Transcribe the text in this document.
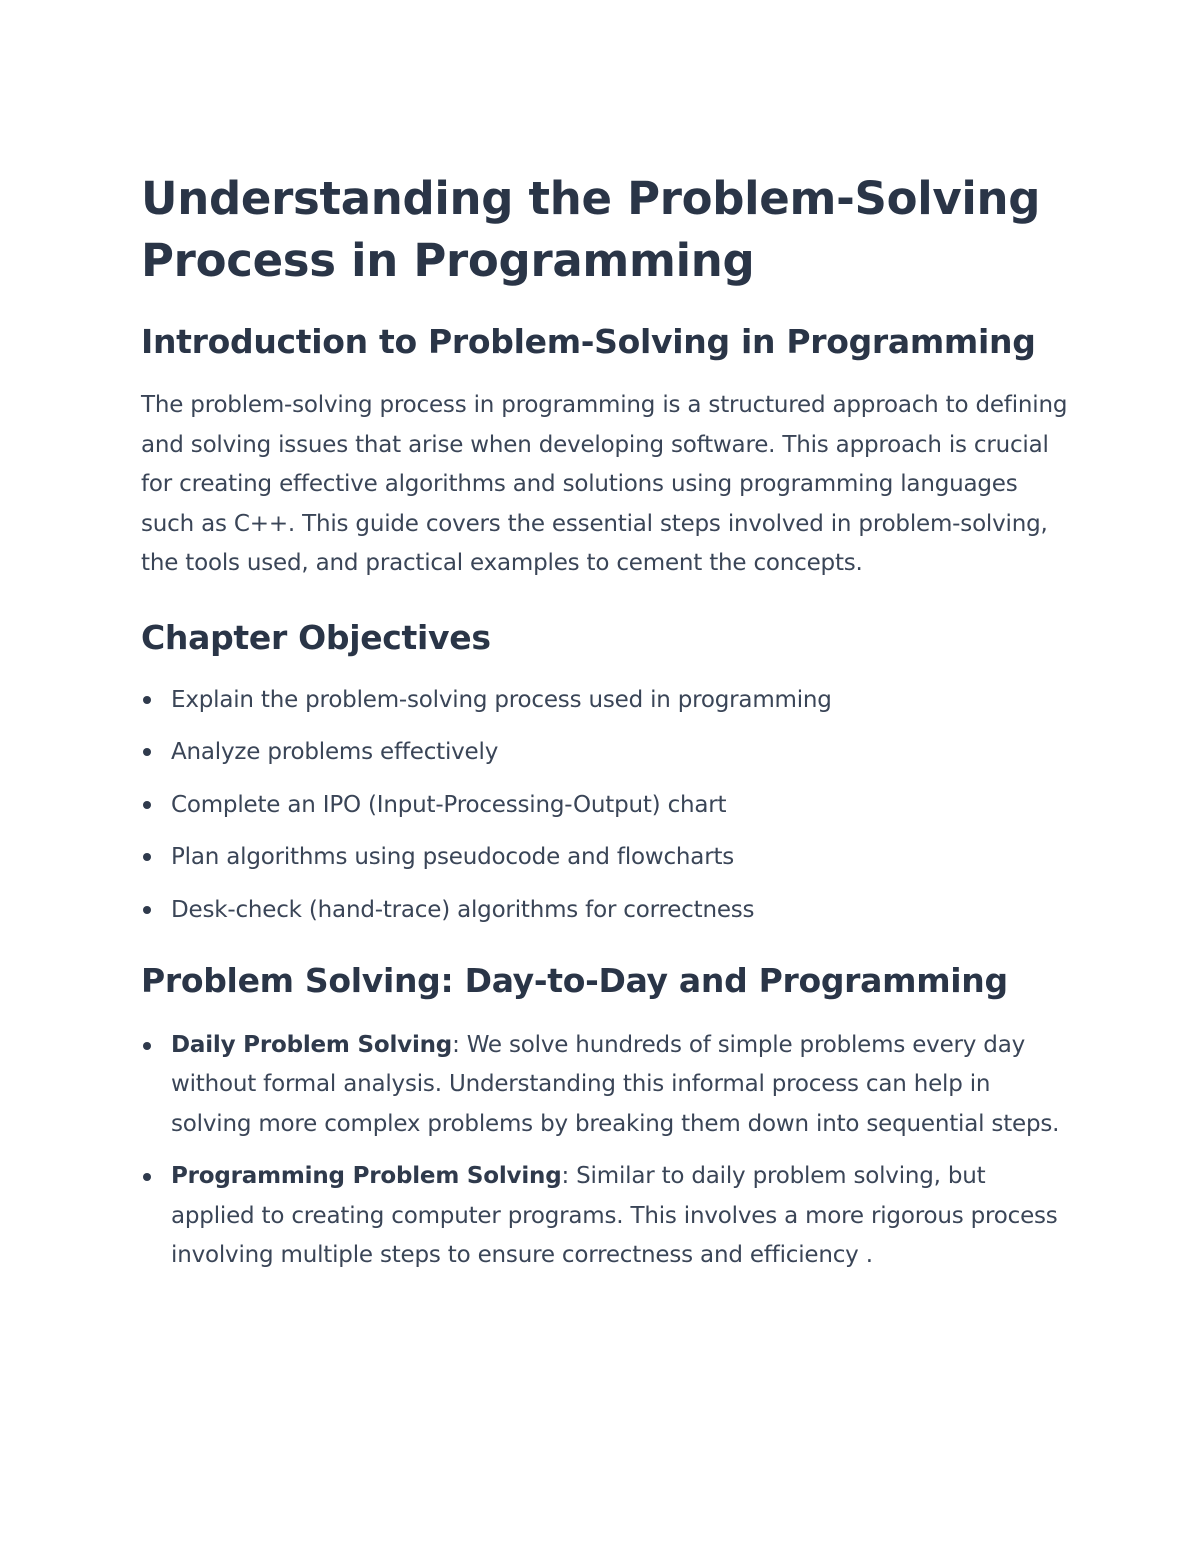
Understanding the Problem-Solving Process in Programming
Introduction to Problem-Solving in Programming

The problem-solving process in programming is a structured approach to defining and solving issues that arise when developing software. This approach is crucial for creating effective algorithms and solutions using programming languages such as C++. This guide covers the essential steps involved in problem-solving, the tools used, and practical examples to cement the concepts.

Chapter Objectives
Explain the problem-solving process used in programming
Analyze problems effectively
Complete an IPO (Input-Processing-Output) chart
Plan algorithms using pseudocode and flowcharts
Desk-check (hand-trace) algorithms for correctness
Problem Solving: Day-to-Day and Programming
Daily Problem Solving: We solve hundreds of simple problems every day without formal analysis. Understanding this informal process can help in solving more complex problems by breaking them down into sequential steps.
Programming Problem Solving: Similar to daily problem solving, but applied to creating computer programs. This involves a more rigorous process involving multiple steps to ensure correctness and efficiency .
